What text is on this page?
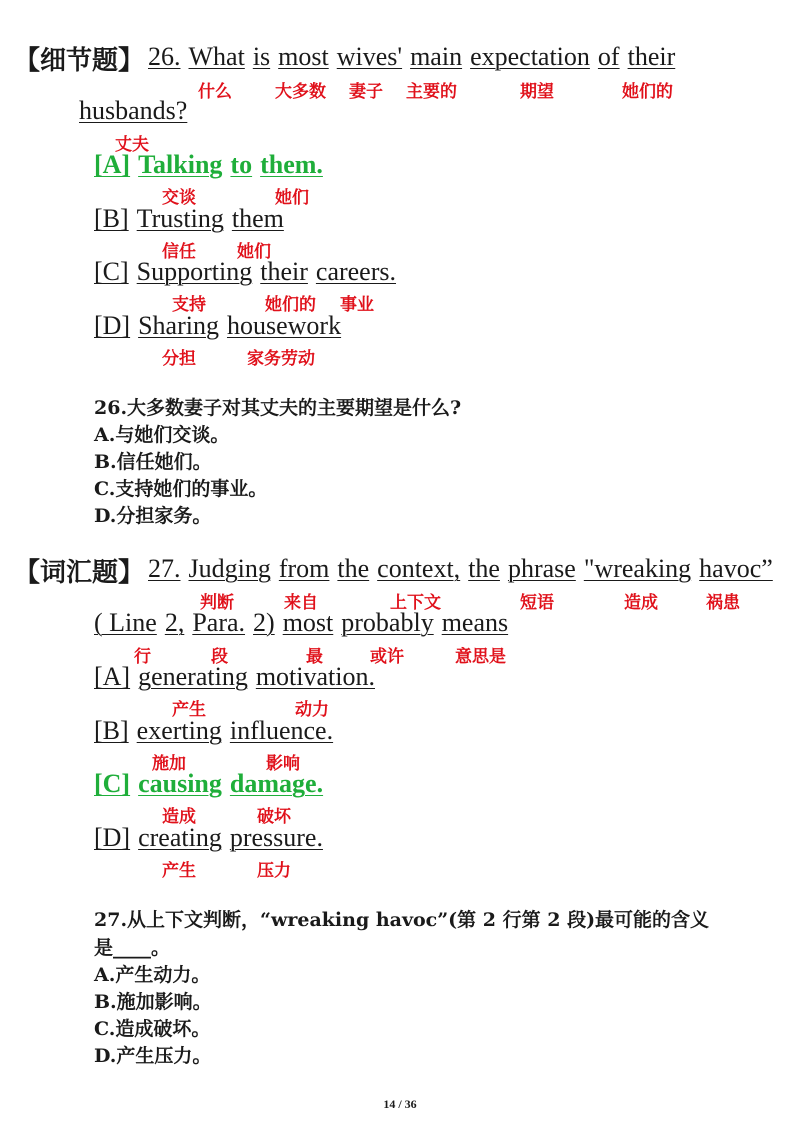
【细节题】 26. What is most wives' main expectation of their
什么	大多数 妻子 主要的	期望	她们的
husbands?
丈夫
[A] Talking to them.
交谈	她们
[B] Trusting them
信任 她们
[C] Supporting their careers.
支持	她们的 事业
[D] Sharing housework
分担	家务劳动
26.大多数妻子对其丈夫的主要期望是什么?
A.与她们交谈。
B.信任她们。
C.支持她们的事业。
D.分担家务。
【词汇题】 27. Judging from the context, the phrase "wreaking havoc”
判断	来自	上下文	短语	造成	祸患
( Line 2, Para. 2) most probably means
行	段	最	或许	意思是
[A] generating motivation.
产生	动力
[B] exerting influence.
施加	影响
[C] causing damage.
造成	破坏
[D] creating pressure.
产生	压力
27.从上下文判断，“wreaking havoc”(第 2 行第 2 段)最可能的含义
是____。
A.产生动力。
B.施加影响。
C.造成破坏。
D.产生压力。
14 / 36
